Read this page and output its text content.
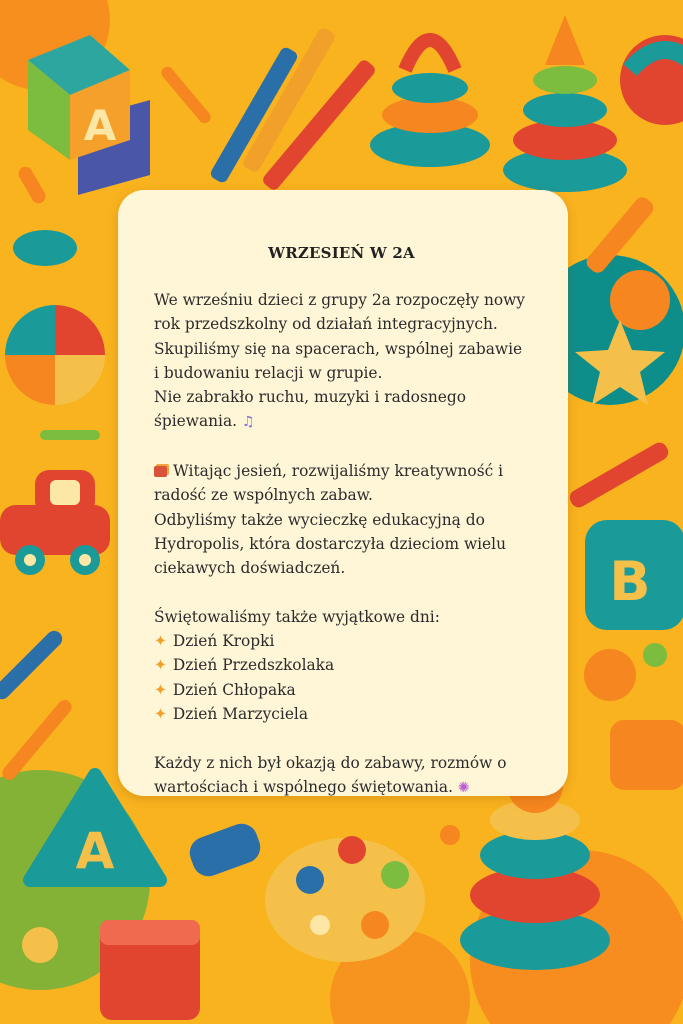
A
A
B
WRZESIEŃ W 2A
We wrześniu dzieci z grupy 2a rozpoczęły nowy
rok przedszkolny od działań integracyjnych.
Skupiliśmy się na spacerach, wspólnej zabawie
i budowaniu relacji w grupie.
Nie zabrakło ruchu, muzyki i radosnego
śpiewania. ♫
Witając jesień, rozwijaliśmy kreatywność i
radość ze wspólnych zabaw.
Odbyliśmy także wycieczkę edukacyjną do
Hydropolis, która dostarczyła dzieciom wielu
ciekawych doświadczeń.
Świętowaliśmy także wyjątkowe dni:
✦ Dzień Kropki
✦ Dzień Przedszkolaka
✦ Dzień Chłopaka
✦ Dzień Marzyciela
Każdy z nich był okazją do zabawy, rozmów o
wartościach i wspólnego świętowania. ✺
